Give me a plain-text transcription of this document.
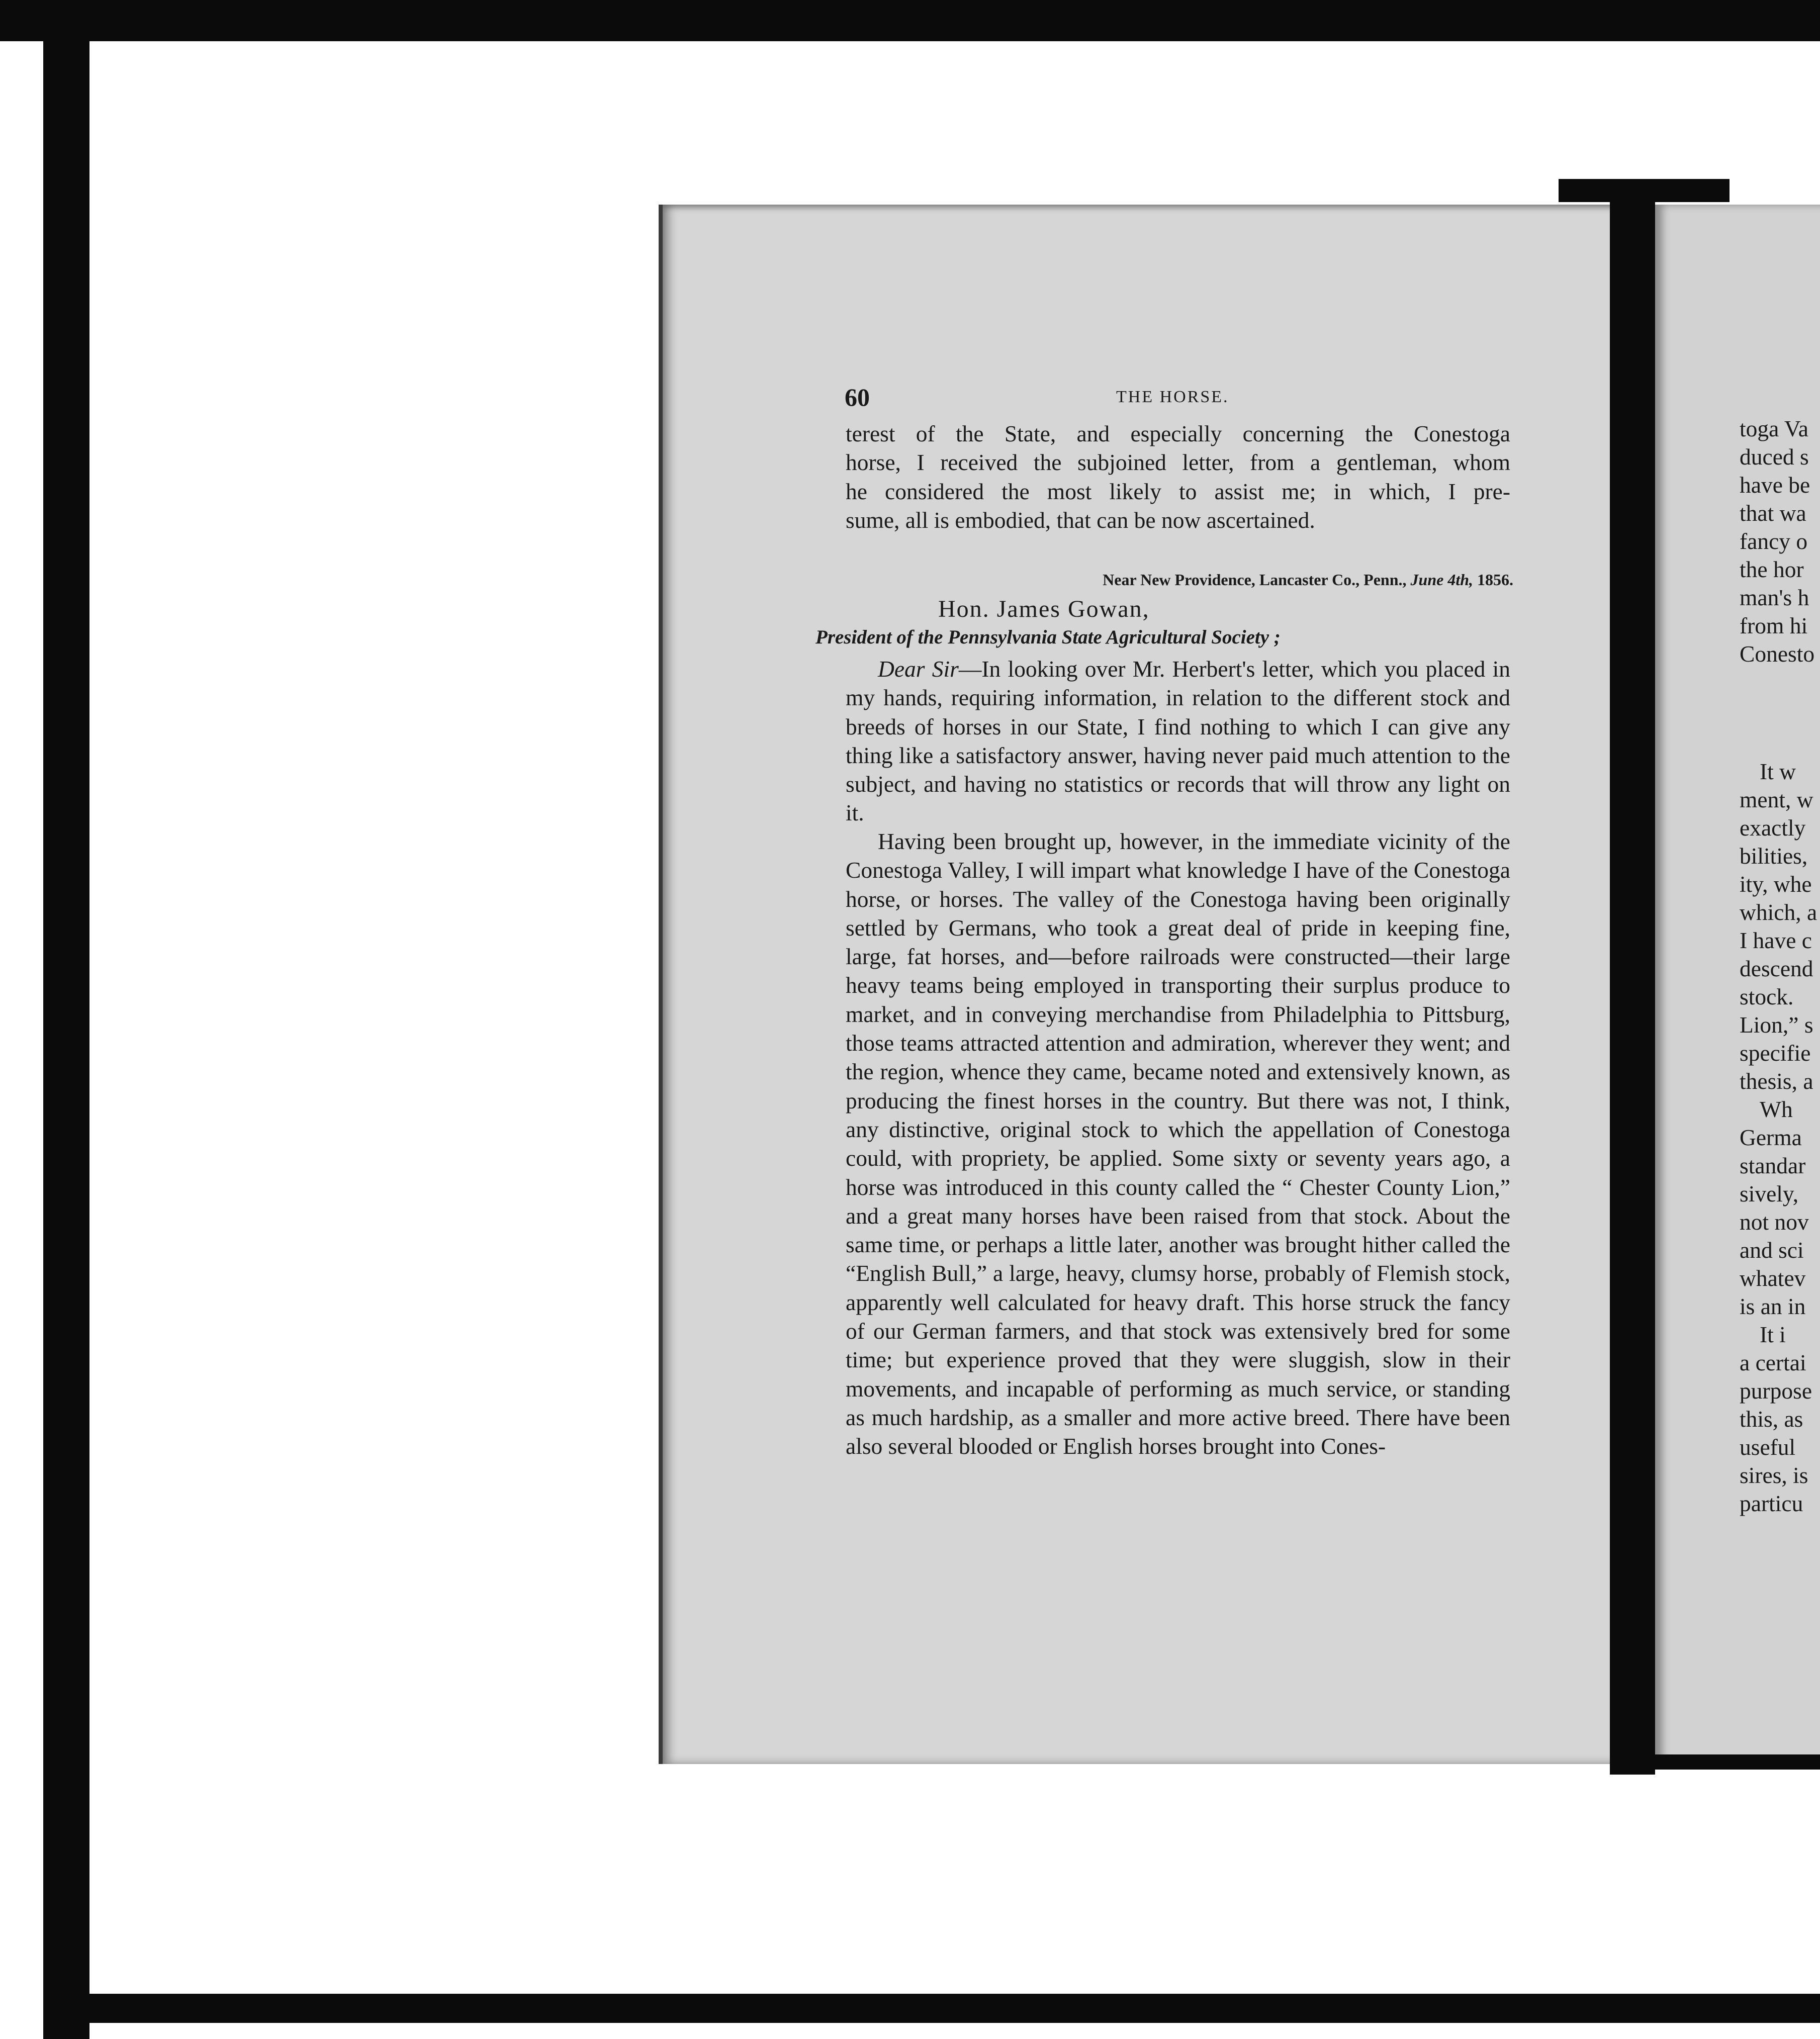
60	THE HORSE.
terest of the State, and especially concerning the Conestoga
horse, I received the subjoined letter, from a gentleman, whom
he considered the most likely to assist me; in which, I pre-
sume, all is embodied, that can be now ascertained.
Near New Providence, Lancaster Co., Penn., June 4th, 1856.
Hon. James Gowan,
President of the Pennsylvania State Agricultural Society ;
Dear Sir—In looking over Mr. Herbert's letter, which you placed in my hands, requiring information, in relation to the different stock and breeds of horses in our State, I find nothing to which I can give any thing like a satisfactory answer, having never paid much attention to the subject, and having no statistics or records that will throw any light on it.
Having been brought up, however, in the immediate vicinity of the Conestoga Valley, I will impart what knowledge I have of the Conestoga horse, or horses. The valley of the Conestoga having been originally settled by Germans, who took a great deal of pride in keeping fine, large, fat horses, and—before railroads were constructed—their large heavy teams being employed in transporting their surplus produce to market, and in conveying merchandise from Philadelphia to Pittsburg, those teams attracted attention and admiration, wherever they went; and the region, whence they came, became noted and extensively known, as producing the finest horses in the country. But there was not, I think, any distinctive, original stock to which the appellation of Conestoga could, with propriety, be applied. Some sixty or seventy years ago, a horse was introduced in this county called the “ Chester County Lion,” and a great many horses have been raised from that stock. About the same time, or perhaps a little later, another was brought hither called the “English Bull,” a large, heavy, clumsy horse, probably of Flemish stock, apparently well calculated for heavy draft. This horse struck the fancy of our German farmers, and that stock was extensively bred for some time; but experience proved that they were sluggish, slow in their movements, and incapable of performing as much service, or standing as much hardship, as a smaller and more active breed. There have been also several blooded or English horses brought into Cones-
toga Va
duced s
have be
that wa
fancy o
the hor
man's h
from hi
Conesto
It w
ment, w
exactly
bilities,
ity, whe
which, a
I have c
descend
stock.
Lion,” s
specifie
thesis, a
Wh
Germa
standar
sively,
not nov
and sci
whatev
is an in
It i
a certai
purpose
this, as
useful
sires, is
particu
